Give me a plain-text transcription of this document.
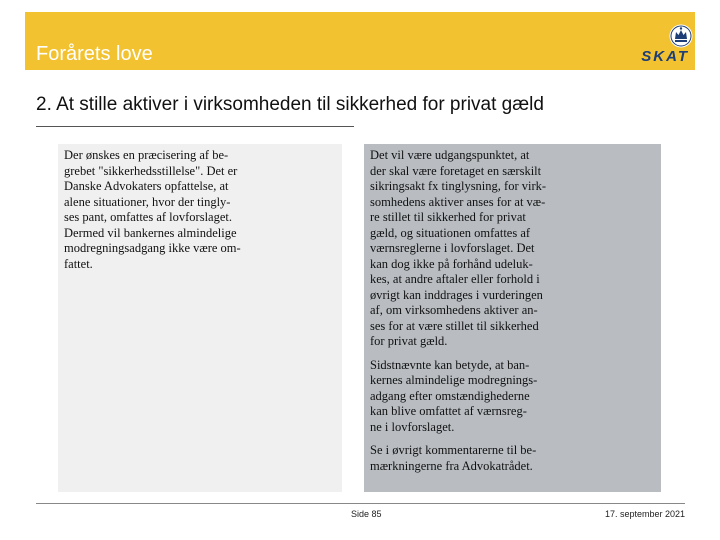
Forårets love	SKAT
2. At stille aktiver i virksomheden til sikkerhed for privat gæld

Der ønskes en præcisering af be-
grebet "sikkerhedsstillelse". Det er
Danske Advokaters opfattelse, at
alene situationer, hvor der tingly-
ses pant, omfattes af lovforslaget.
Dermed vil bankernes almindelige
modregningsadgang ikke være om-
fattet.

Det vil være udgangspunktet, at
der skal være foretaget en særskilt
sikringsakt fx tinglysning, for virk-
somhedens aktiver anses for at væ-
re stillet til sikkerhed for privat
gæld, og situationen omfattes af
værnsreglerne i lovforslaget. Det
kan dog ikke på forhånd udeluk-
kes, at andre aftaler eller forhold i
øvrigt kan inddrages i vurderingen
af, om virksomhedens aktiver an-
ses for at være stillet til sikkerhed
for privat gæld.

Sidstnævnte kan betyde, at ban-
kernes almindelige modregnings-
adgang efter omstændighederne
kan blive omfattet af værnsreg-
ne i lovforslaget.

Se i øvrigt kommentarerne til be-
mærkningerne fra Advokatrådet.

Side 85	17. september 2021
